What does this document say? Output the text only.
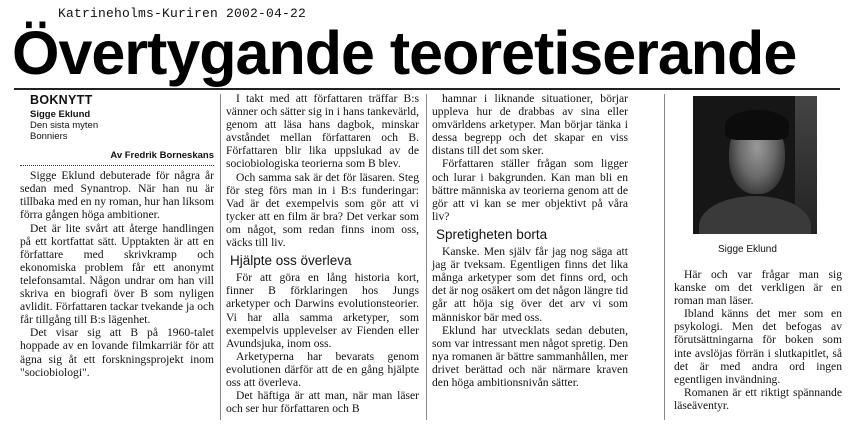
Katrineholms-Kuriren 2002-04-22
Övertygande teoretiserande
BOKNYTT
Sigge Eklund
Den sista myten
Bonniers
Av Fredrik Borneskans

Sigge Eklund debuterade för några år sedan med Synantrop. När han nu är tillbaka med en ny roman, hur han liksom förra gången höga ambitioner.

Det är lite svårt att återge handlingen på ett kortfattat sätt. Upptakten är att en författare med skrivkramp och ekonomiska problem får ett anonymt telefonsamtal. Någon undrar om han vill skriva en biografi över B som nyligen avlidit. Författaren tackar tvekande ja och får tillgång till B:s lägenhet.

Det visar sig att B på 1960-talet hoppade av en lovande filmkarriär för att ägna sig åt ett forskningsprojekt inom "sociobiologi".

I takt med att författaren träffar B:s vänner och sätter sig in i hans tankevärld, genom att läsa hans dagbok, minskar avståndet mellan författaren och B. Författaren blir lika uppslukad av de sociobiologiska teorierna som B blev.

Och samma sak är det för läsaren. Steg för steg förs man in i B:s funderingar: Vad är det exempelvis som gör att vi tycker att en film är bra? Det verkar som om något, som redan finns inom oss, väcks till liv.

Hjälpte oss överleva

För att göra en lång historia kort, finner B förklaringen hos Jungs arketyper och Darwins evolutionsteorier. Vi har alla samma arketyper, som exempelvis upplevelser av Fienden eller Avundsjuka, inom oss.

Arketyperna har bevarats genom evolutionen därför att de en gång hjälpte oss att överleva.

Det häftiga är att man, när man läser och ser hur författaren och B

hamnar i liknande situationer, börjar uppleva hur de drabbas av sina eller omvärldens arketyper. Man börjar tänka i dessa begrepp och det skapar en viss distans till det som sker.

Författaren ställer frågan som ligger och lurar i bakgrunden. Kan man bli en bättre människa av teorierna genom att de gör att vi kan se mer objektivt på våra liv?

Spretigheten borta

Kanske. Men själv får jag nog säga att jag är tveksam. Egentligen finns det lika många arketyper som det finns ord, och det är nog osäkert om det någon längre tid går att höja sig över det arv vi som människor bär med oss.

Eklund har utvecklats sedan debuten, som var intressant men något spretig. Den nya romanen är bättre sammanhållen, mer drivet berättad och när närmare kraven den höga ambitionsnivån sätter.

Sigge Eklund

Här och var frågar man sig kanske om det verkligen är en roman man läser.

Ibland känns det mer som en psykologi. Men det befogas av förutsättningarna för boken som inte avslöjas förrän i slutkapitlet, så det är med andra ord ingen egentligen invändning.

Romanen är ett riktigt spännande läseäventyr.
